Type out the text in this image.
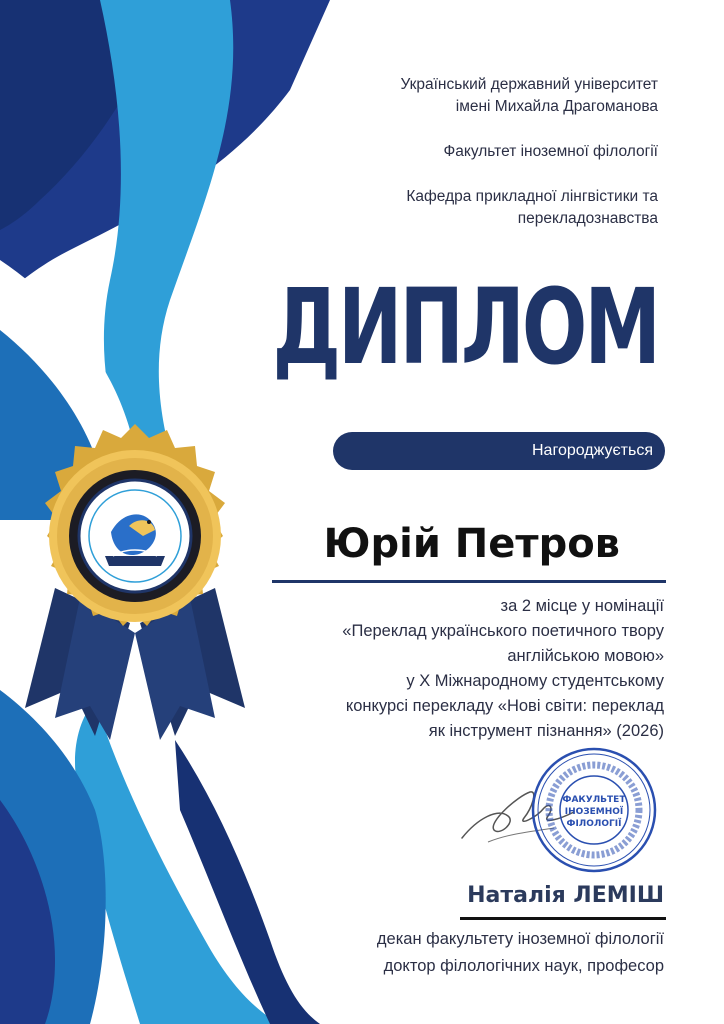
Український державний університет
імені Михайла Драгоманова

Факультет іноземної філології

Кафедра прикладної лінгвістики та
перекладознавства

ДИПЛОМ
Нагороджується
Юрій Петров
за 2 місце у номінації
«Переклад українського поетичного твору
англійською мовою»
у X Міжнародному студентському
конкурсі перекладу «Нові світи: переклад
як інструмент пізнання» (2026)
ФАКУЛЬТЕТ
ІНОЗЕМНОЇ
ФІЛОЛОГІЇ
Наталія ЛЕМІШ
декан факультету іноземної філології
доктор філологічних наук, професор
